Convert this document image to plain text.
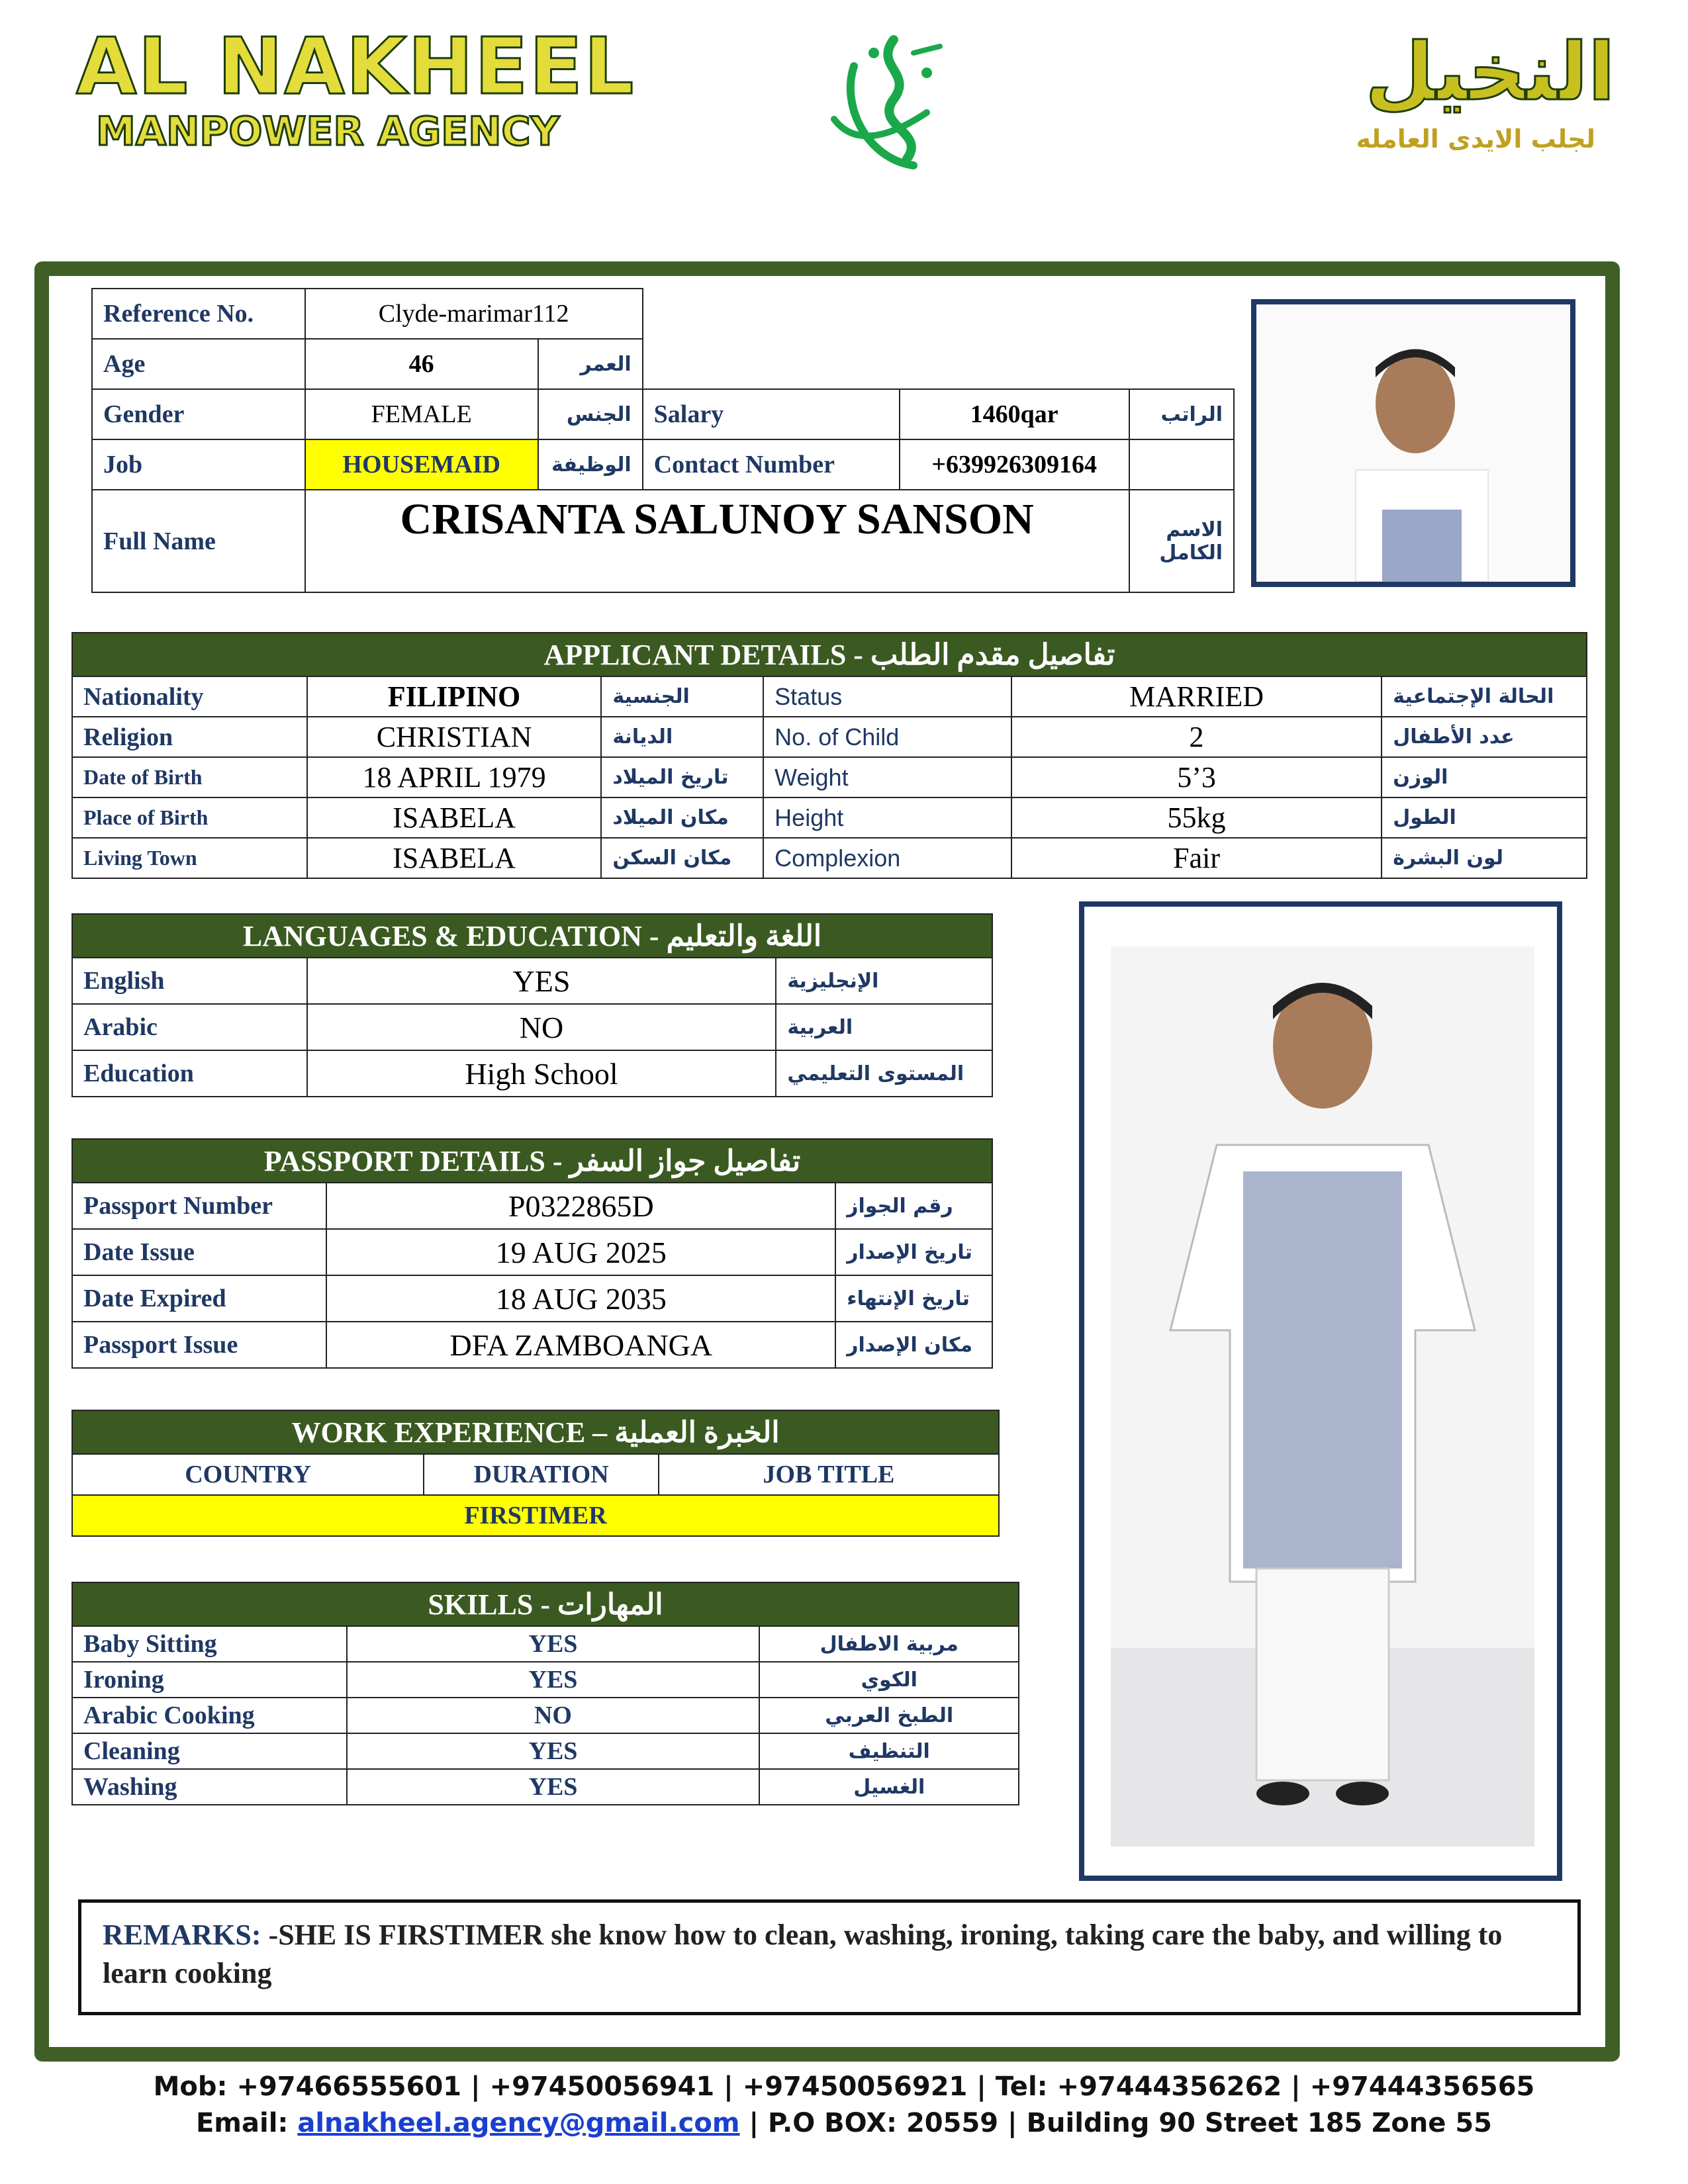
AL NAKHEEL
MANPOWER AGENCY
النخيل
لجلب الايدى العامله
Reference No.	Clyde-marimar112				
Age	46	العمر			
Gender	FEMALE	الجنس	Salary	1460qar	الراتب
Job	HOUSEMAID	الوظيفة	Contact Number	+639926309164	
Full Name	CRISANTA SALUNOY SANSON				الاسم الكامل
APPLICANT DETAILS - تفاصيل مقدم الطلب					
Nationality	FILIPINO	الجنسية	Status	MARRIED	الحالة الإجتماعية
Religion	CHRISTIAN	الديانة	No. of Child	2	عدد الأطفال
Date of Birth	18 APRIL 1979	تاريخ الميلاد	Weight	5’3	الوزن
Place of Birth	ISABELA	مكان الميلاد	Height	55kg	الطول
Living Town	ISABELA	مكان السكن	Complexion	Fair	لون البشرة
LANGUAGES & EDUCATION - اللغة والتعليم		
English	YES	الإنجليزية
Arabic	NO	العربية
Education	High School	المستوى التعليمي
PASSPORT DETAILS - تفاصيل جواز السفر		
Passport Number	P0322865D	رقم الجواز
Date Issue	19 AUG 2025	تاريخ الإصدار
Date Expired	18 AUG 2035	تاريخ الإنتهاء
Passport Issue	DFA ZAMBOANGA	مكان الإصدار
WORK EXPERIENCE – الخبرة العملية
COUNTRY	DURATION	JOB TITLE
FIRSTIMER
SKILLS - المهارات		
Baby Sitting	YES	مربية الاطفال
Ironing	YES	الكوي
Arabic Cooking	NO	الطبخ العربي
Cleaning	YES	التنظيف
Washing	YES	الغسيل
REMARKS: -SHE IS FIRSTIMER she know how to clean, washing, ironing, taking care the baby, and willing to learn cooking
Mob: +97466555601 | +97450056941 | +97450056921 | Tel: +97444356262 | +97444356565
Email: alnakheel.agency@gmail.com | P.O BOX: 20559 | Building 90 Street 185 Zone 55
